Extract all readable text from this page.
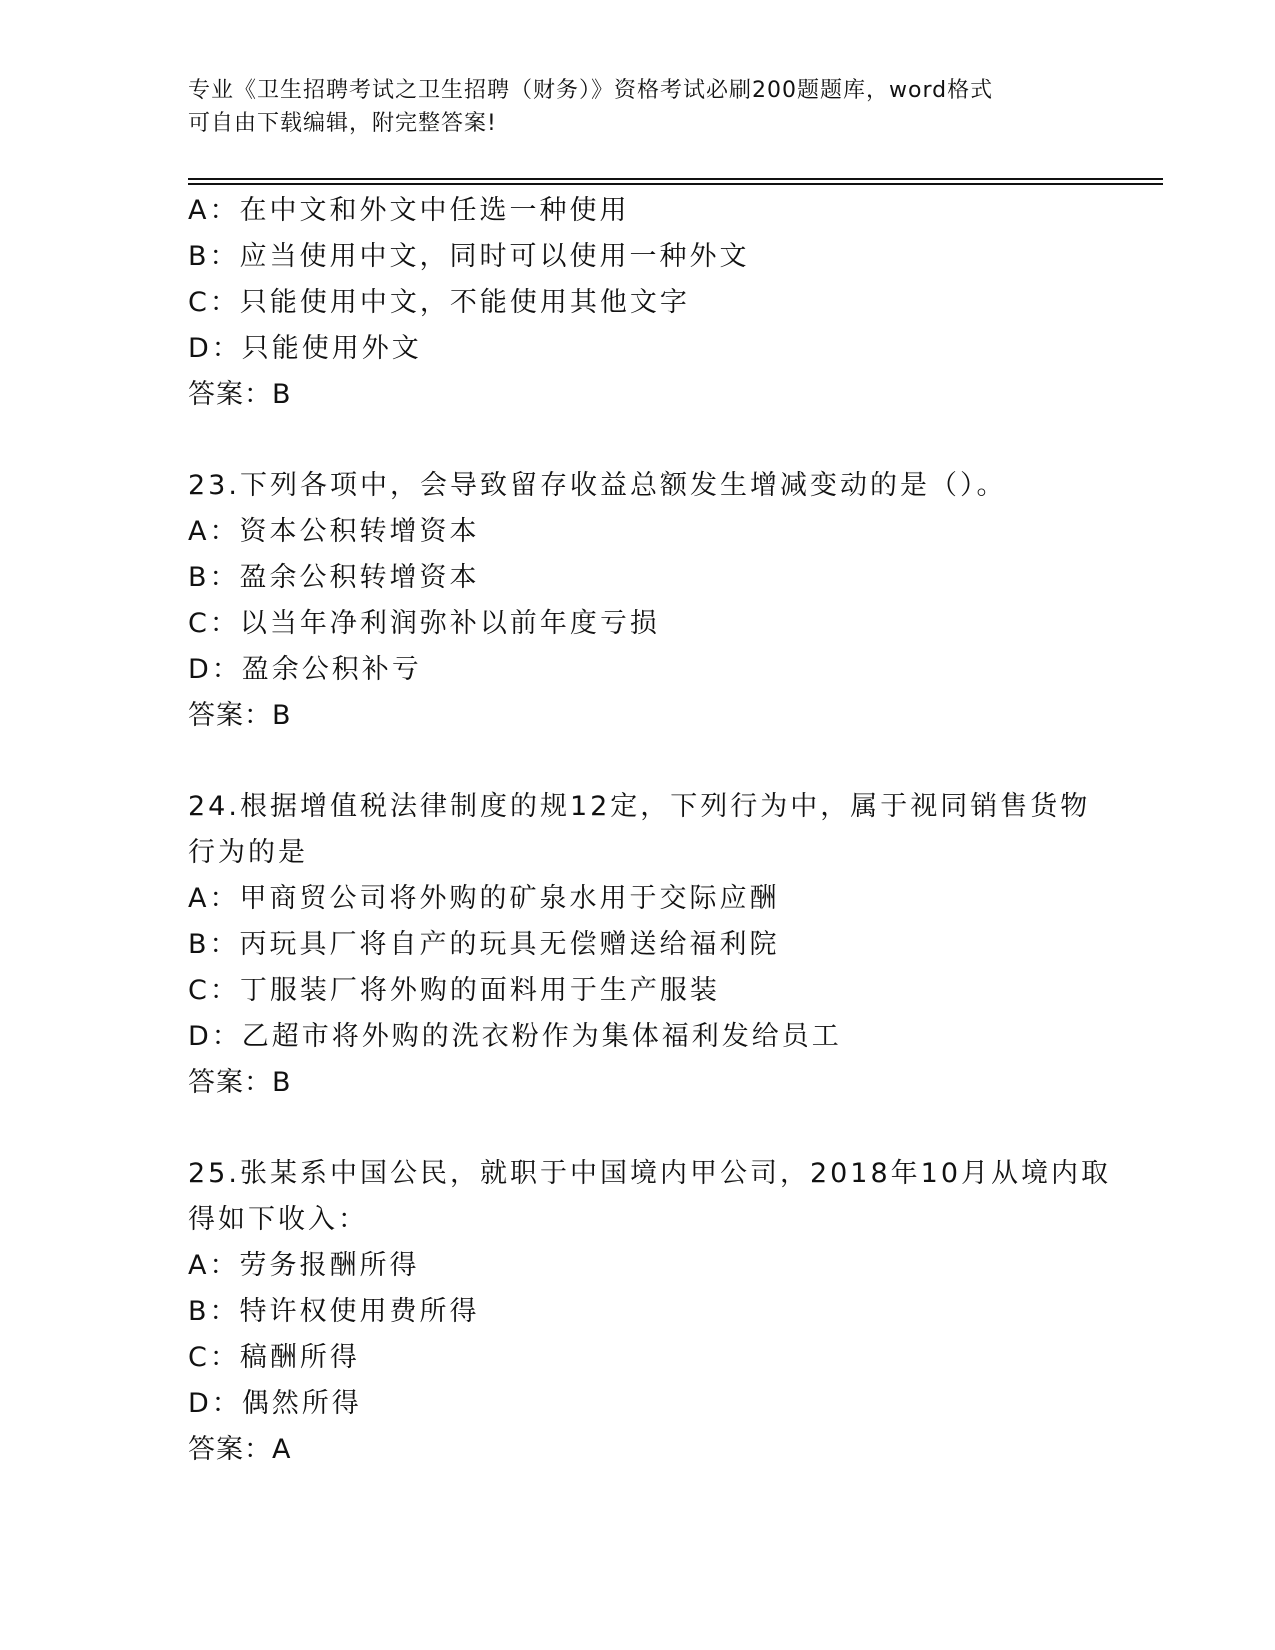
专业《卫生招聘考试之卫生招聘（财务）》资格考试必刷200题题库，word格式
可自由下载编辑，附完整答案!
A：在中文和外文中任选一种使用
B：应当使用中文，同时可以使用一种外文
C：只能使用中文，不能使用其他文字
D：只能使用外文
答案：B
23.下列各项中，会导致留存收益总额发生增减变动的是（）。
A：资本公积转增资本
B：盈余公积转增资本
C：以当年净利润弥补以前年度亏损
D：盈余公积补亏
答案：B
24.根据增值税法律制度的规12定，下列行为中，属于视同销售货物
行为的是
A：甲商贸公司将外购的矿泉水用于交际应酬
B：丙玩具厂将自产的玩具无偿赠送给福利院
C：丁服装厂将外购的面料用于生产服装
D：乙超市将外购的洗衣粉作为集体福利发给员工
答案：B
25.张某系中国公民，就职于中国境内甲公司，2018年10月从境内取
得如下收入：
A：劳务报酬所得
B：特许权使用费所得
C：稿酬所得
D：偶然所得
答案：A
